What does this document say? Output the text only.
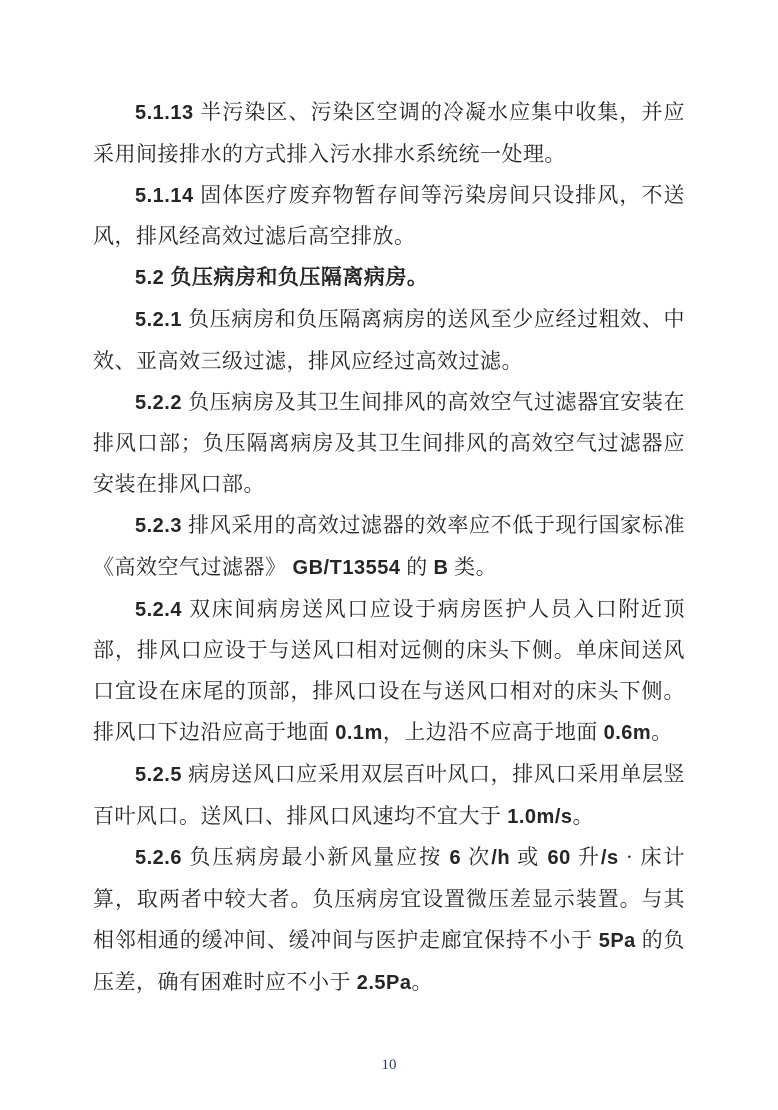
5.1.13 半污染区、污染区空调的冷凝水应集中收集，并应采用间接排水的方式排入污水排水系统统一处理。

5.1.14 固体医疗废弃物暂存间等污染房间只设排风，不送风，排风经高效过滤后高空排放。

5.2 负压病房和负压隔离病房。

5.2.1 负压病房和负压隔离病房的送风至少应经过粗效、中效、亚高效三级过滤，排风应经过高效过滤。

5.2.2 负压病房及其卫生间排风的高效空气过滤器宜安装在排风口部；负压隔离病房及其卫生间排风的高效空气过滤器应安装在排风口部。

5.2.3 排风采用的高效过滤器的效率应不低于现行国家标准《高效空气过滤器》 GB/T13554 的 B 类。

5.2.4 双床间病房送风口应设于病房医护人员入口附近顶部，排风口应设于与送风口相对远侧的床头下侧。单床间送风口宜设在床尾的顶部，排风口设在与送风口相对的床头下侧。排风口下边沿应高于地面 0.1m，上边沿不应高于地面 0.6m。

5.2.5 病房送风口应采用双层百叶风口，排风口采用单层竖百叶风口。送风口、排风口风速均不宜大于 1.0m/s。

5.2.6 负压病房最小新风量应按 6 次/h 或 60 升/s · 床计算，取两者中较大者。负压病房宜设置微压差显示装置。与其相邻相通的缓冲间、缓冲间与医护走廊宜保持不小于 5Pa 的负压差，确有困难时应不小于 2.5Pa。

10
